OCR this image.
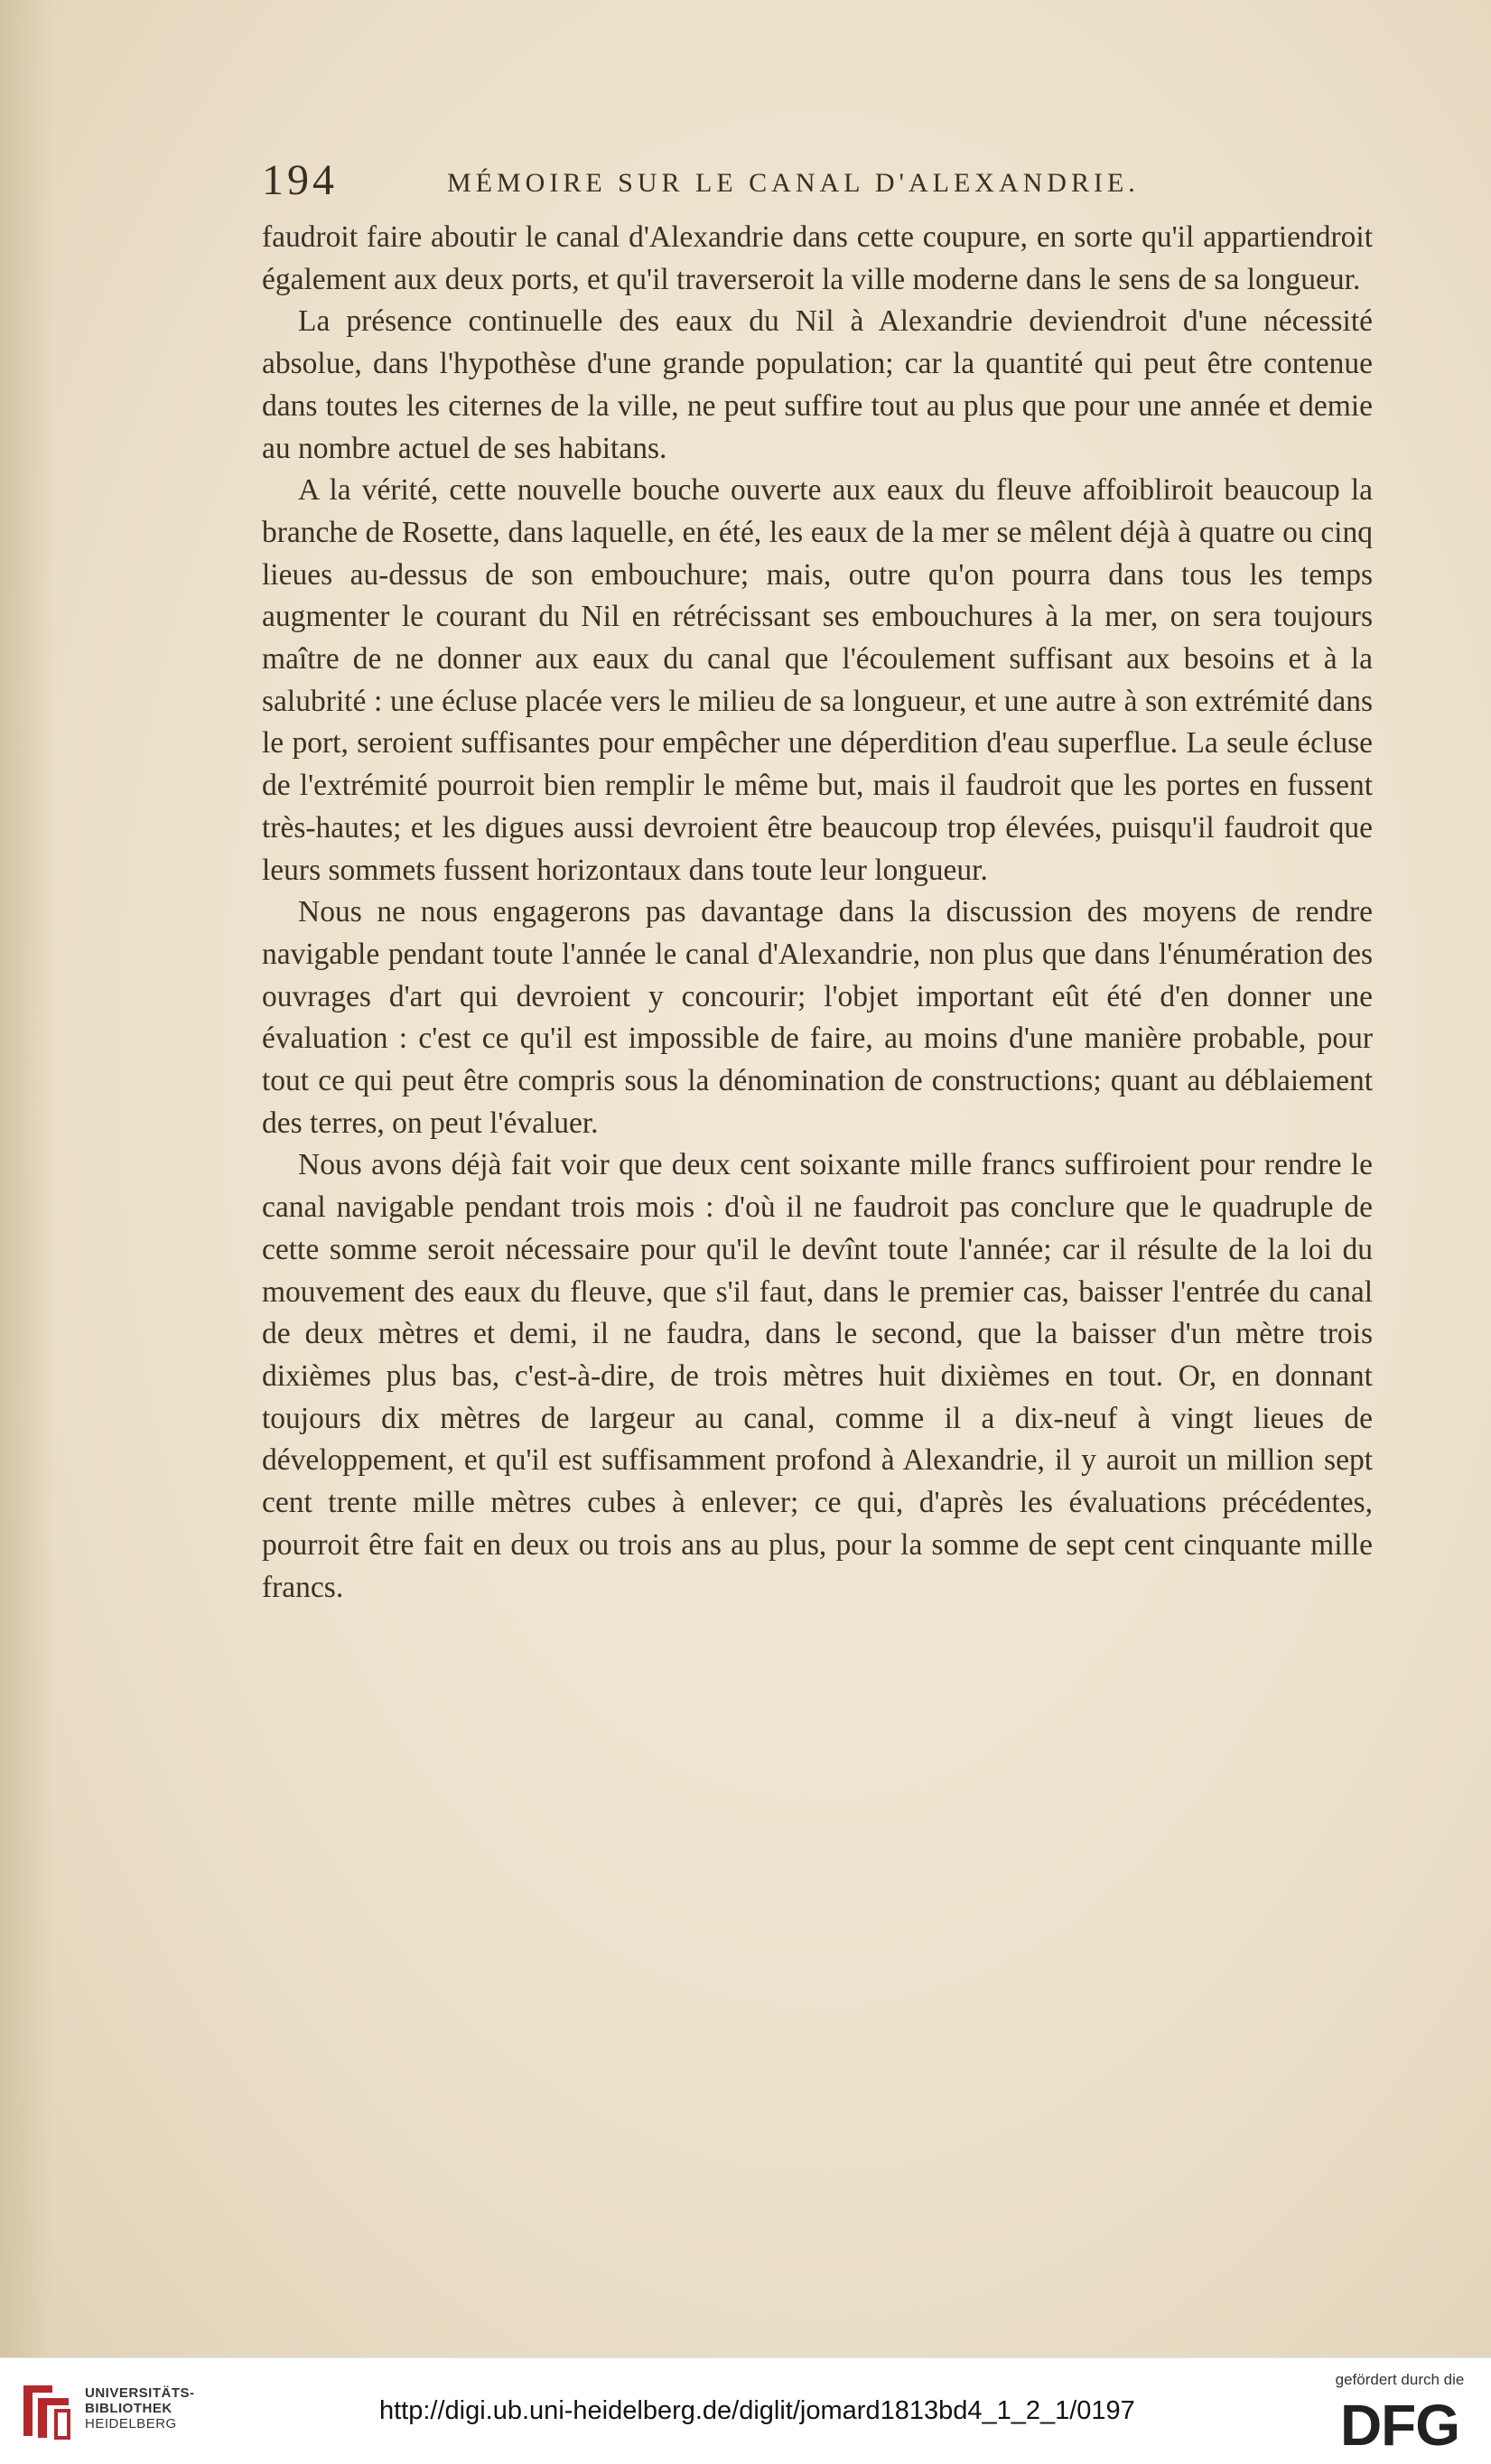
194	MÉMOIRE SUR LE CANAL D'ALEXANDRIE.

faudroit faire aboutir le canal d'Alexandrie dans cette coupure, en sorte qu'il appartiendroit également aux deux ports, et qu'il traverseroit la ville moderne dans le sens de sa longueur.

La présence continuelle des eaux du Nil à Alexandrie deviendroit d'une nécessité absolue, dans l'hypothèse d'une grande population; car la quantité qui peut être contenue dans toutes les citernes de la ville, ne peut suffire tout au plus que pour une année et demie au nombre actuel de ses habitans.

A la vérité, cette nouvelle bouche ouverte aux eaux du fleuve affoibliroit beaucoup la branche de Rosette, dans laquelle, en été, les eaux de la mer se mêlent déjà à quatre ou cinq lieues au-dessus de son embouchure; mais, outre qu'on pourra dans tous les temps augmenter le courant du Nil en rétrécissant ses embouchures à la mer, on sera toujours maître de ne donner aux eaux du canal que l'écoulement suffisant aux besoins et à la salubrité : une écluse placée vers le milieu de sa longueur, et une autre à son extrémité dans le port, seroient suffisantes pour empêcher une déperdition d'eau superflue. La seule écluse de l'extrémité pourroit bien remplir le même but, mais il faudroit que les portes en fussent très-hautes; et les digues aussi devroient être beaucoup trop élevées, puisqu'il faudroit que leurs sommets fussent horizontaux dans toute leur longueur.

Nous ne nous engagerons pas davantage dans la discussion des moyens de rendre navigable pendant toute l'année le canal d'Alexandrie, non plus que dans l'énumération des ouvrages d'art qui devroient y concourir; l'objet important eût été d'en donner une évaluation : c'est ce qu'il est impossible de faire, au moins d'une manière probable, pour tout ce qui peut être compris sous la dénomination de constructions; quant au déblaiement des terres, on peut l'évaluer.

Nous avons déjà fait voir que deux cent soixante mille francs suffiroient pour rendre le canal navigable pendant trois mois : d'où il ne faudroit pas conclure que le quadruple de cette somme seroit nécessaire pour qu'il le devînt toute l'année; car il résulte de la loi du mouvement des eaux du fleuve, que s'il faut, dans le premier cas, baisser l'entrée du canal de deux mètres et demi, il ne faudra, dans le second, que la baisser d'un mètre trois dixièmes plus bas, c'est-à-dire, de trois mètres huit dixièmes en tout. Or, en donnant toujours dix mètres de largeur au canal, comme il a dix-neuf à vingt lieues de développement, et qu'il est suffisamment profond à Alexandrie, il y auroit un million sept cent trente mille mètres cubes à enlever; ce qui, d'après les évaluations précédentes, pourroit être fait en deux ou trois ans au plus, pour la somme de sept cent cinquante mille francs.

UNIVERSITÄTS-
BIBLIOTHEK
HEIDELBERG	http://digi.ub.uni-heidelberg.de/diglit/jomard1813bd4_1_2_1/0197
gefördert durch die
DFG
